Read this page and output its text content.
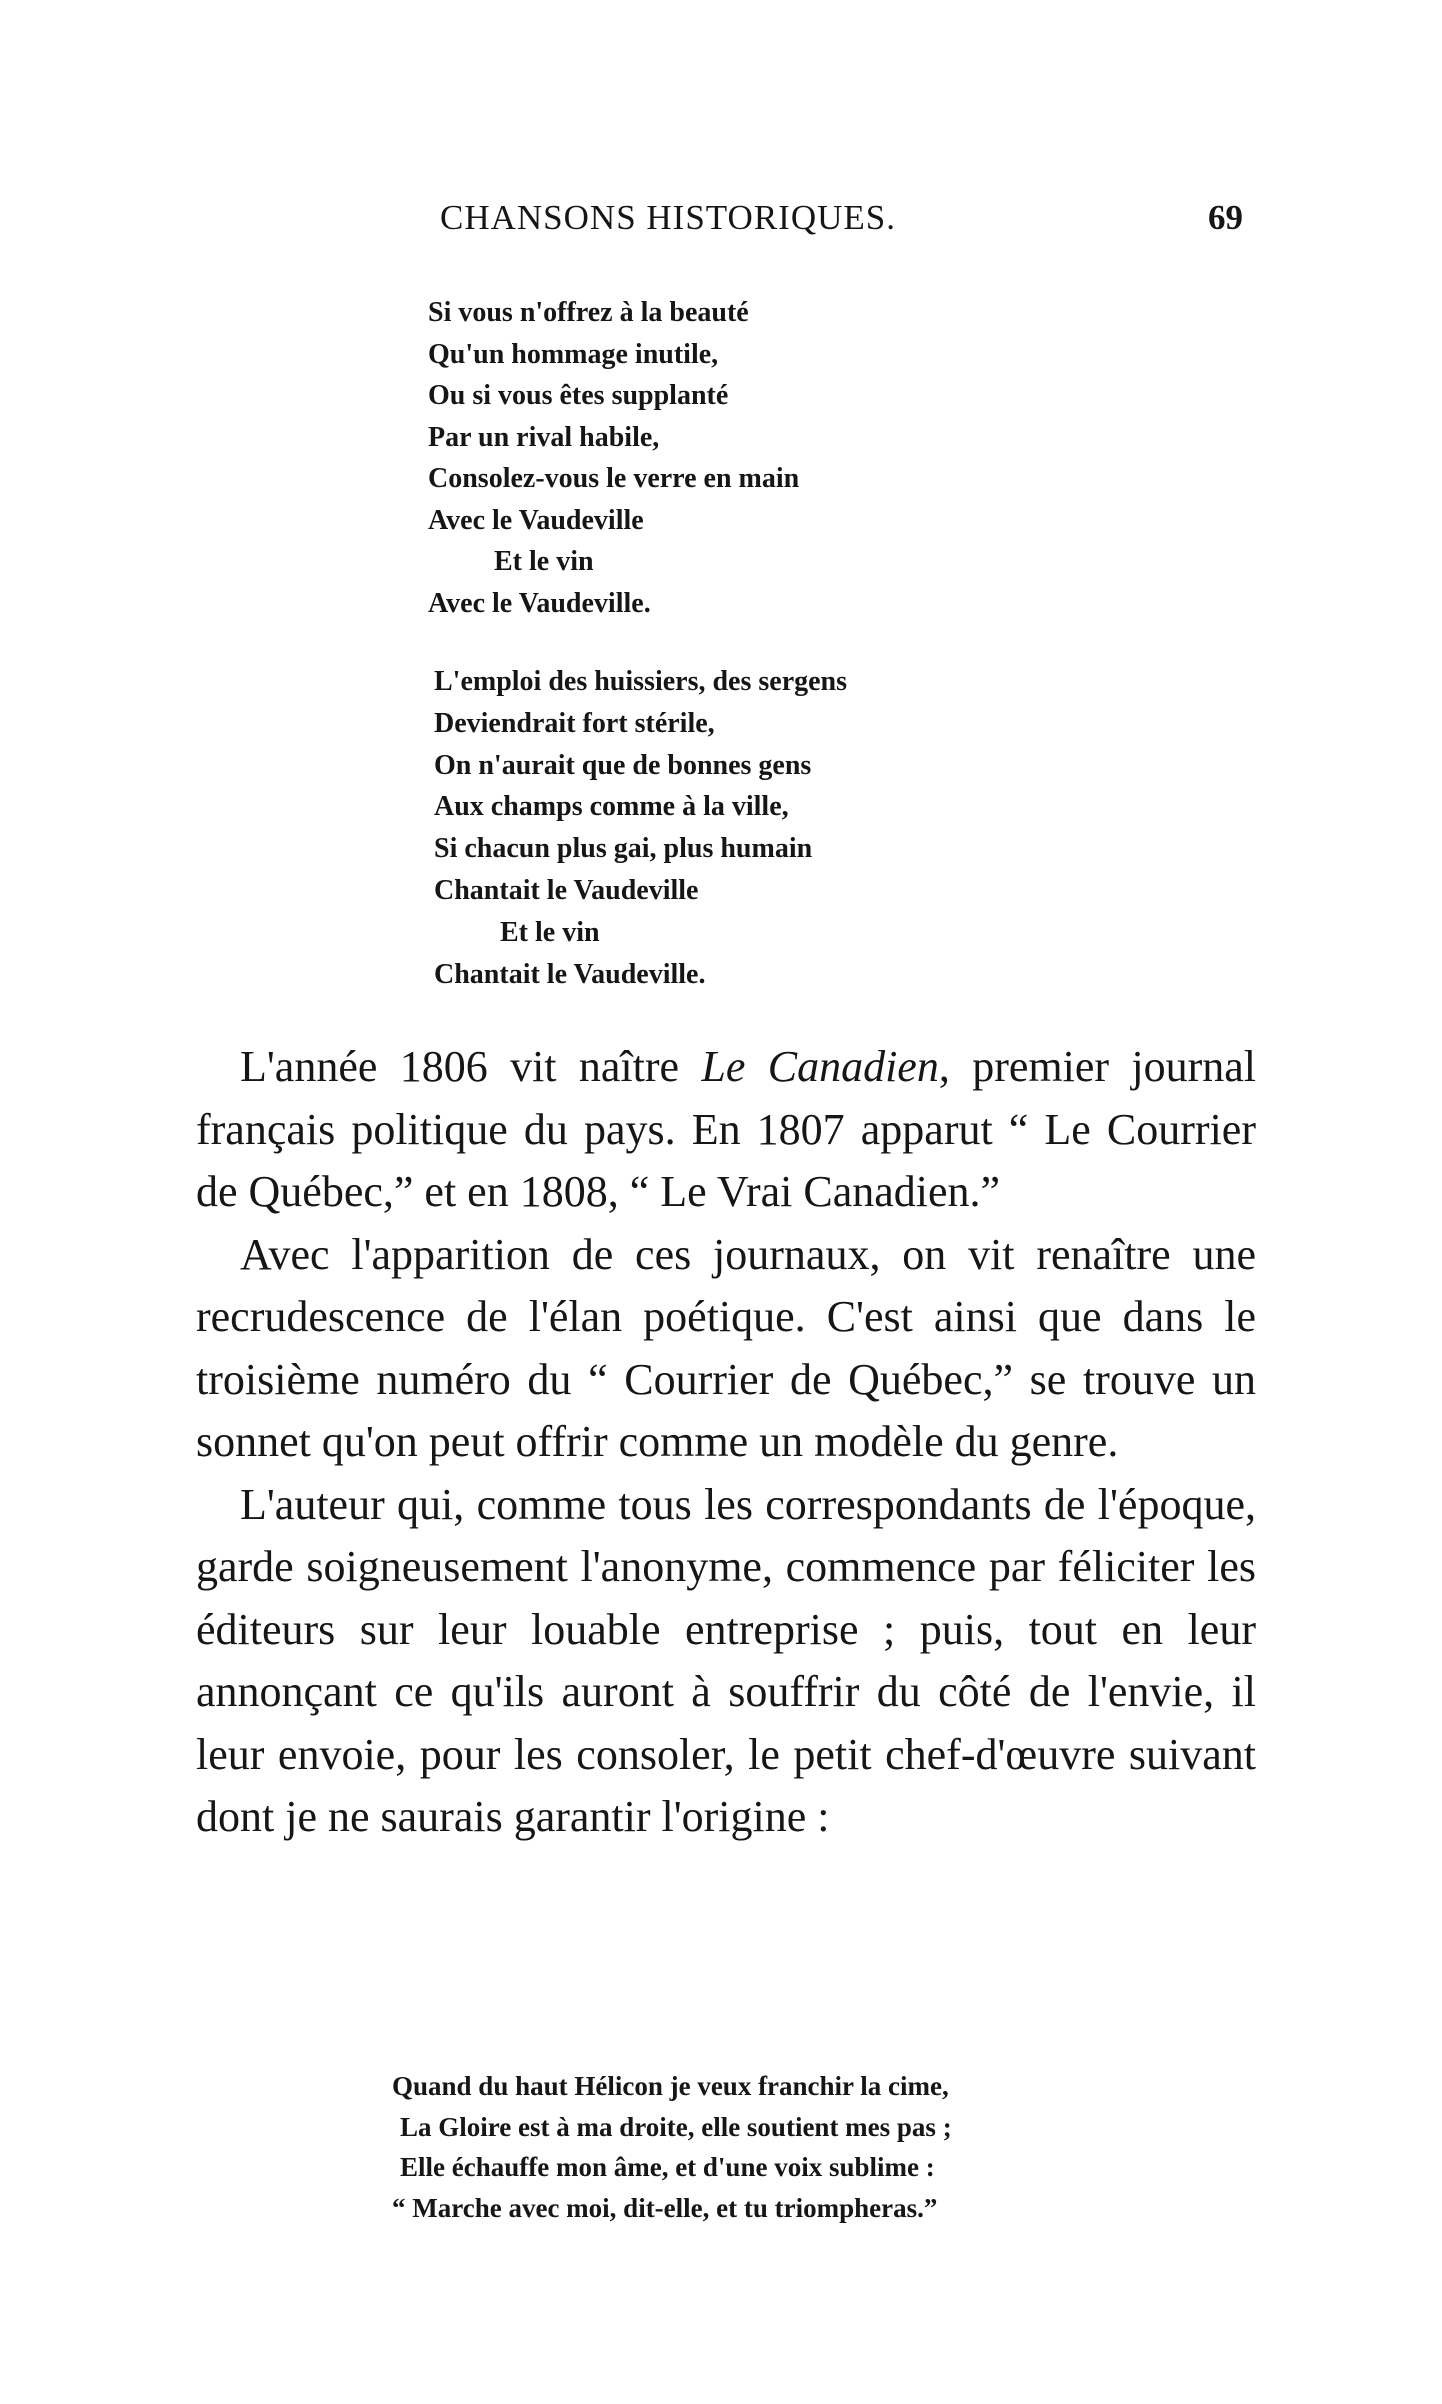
CHANSONS HISTORIQUES.	69
Si vous n'offrez à la beauté
Qu'un hommage inutile,
Ou si vous êtes supplanté
Par un rival habile,
Consolez-vous le verre en main
Avec le Vaudeville
Et le vin
Avec le Vaudeville.
L'emploi des huissiers, des sergens
Deviendrait fort stérile,
On n'aurait que de bonnes gens
Aux champs comme à la ville,
Si chacun plus gai, plus humain
Chantait le Vaudeville
Et le vin
Chantait le Vaudeville.

L'année 1806 vit naître Le Canadien, premier journal français politique du pays. En 1807 apparut “ Le Courrier de Québec,” et en 1808, “ Le Vrai Canadien.”

Avec l'apparition de ces journaux, on vit renaître une recrudescence de l'élan poétique. C'est ainsi que dans le troisième numéro du “ Courrier de Québec,” se trouve un sonnet qu'on peut offrir comme un modèle du genre.

L'auteur qui, comme tous les correspondants de l'époque, garde soigneusement l'anonyme, commence par féliciter les éditeurs sur leur louable entreprise ; puis, tout en leur annonçant ce qu'ils auront à souffrir du côté de l'envie, il leur envoie, pour les consoler, le petit chef-d'œuvre suivant dont je ne saurais garantir l'origine :

Quand du haut Hélicon je veux franchir la cime,
La Gloire est à ma droite, elle soutient mes pas ;
Elle échauffe mon âme, et d'une voix sublime :
“ Marche avec moi, dit-elle, et tu triompheras.”
